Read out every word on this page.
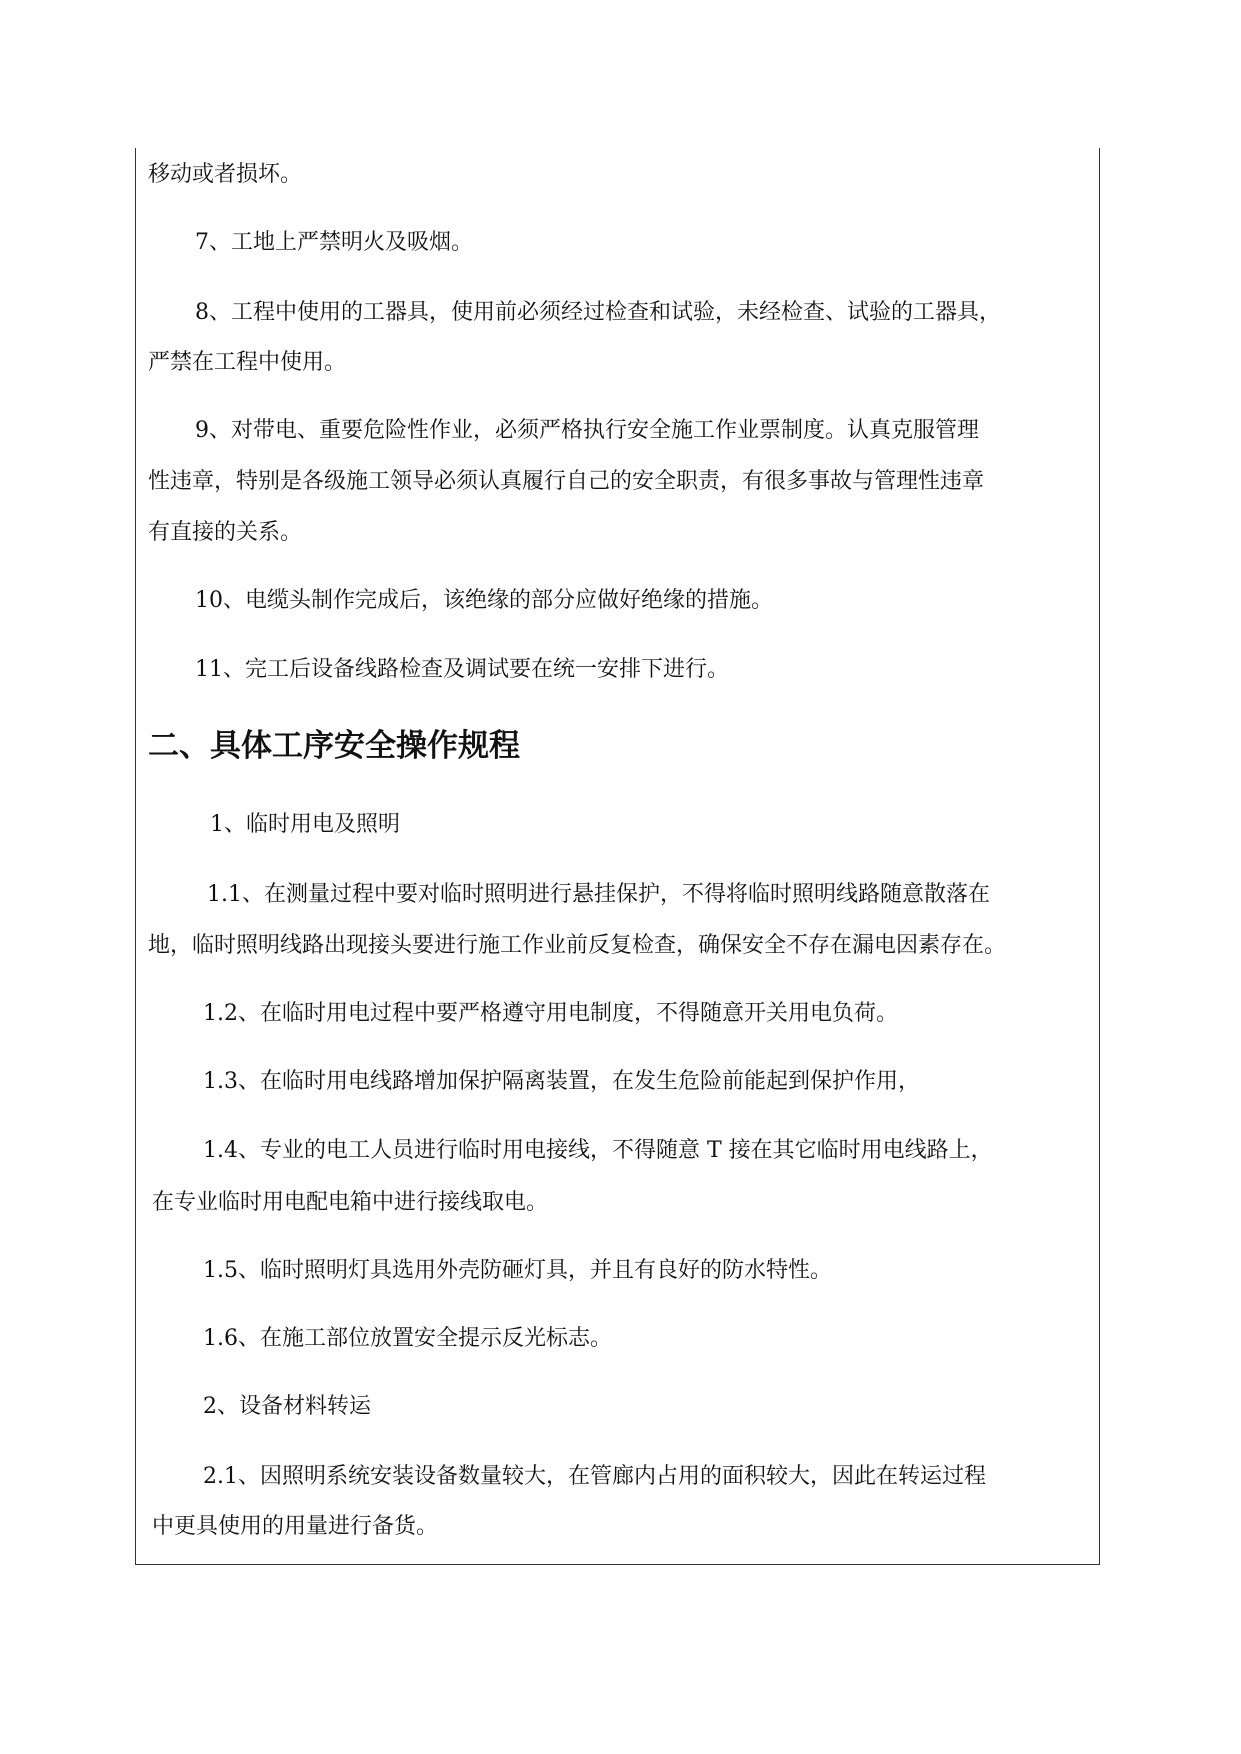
移动或者损坏。
7、工地上严禁明火及吸烟。
8、工程中使用的工器具，使用前必须经过检查和试验，未经检查、试验的工器具，
严禁在工程中使用。
9、对带电、重要危险性作业，必须严格执行安全施工作业票制度。认真克服管理
性违章，特别是各级施工领导必须认真履行自己的安全职责，有很多事故与管理性违章
有直接的关系。
10、电缆头制作完成后，该绝缘的部分应做好绝缘的措施。
11、完工后设备线路检查及调试要在统一安排下进行。
二、具体工序安全操作规程
1、临时用电及照明
1.1、在测量过程中要对临时照明进行悬挂保护，不得将临时照明线路随意散落在
地，临时照明线路出现接头要进行施工作业前反复检查，确保安全不存在漏电因素存在。
1.2、在临时用电过程中要严格遵守用电制度，不得随意开关用电负荷。
1.3、在临时用电线路增加保护隔离装置，在发生危险前能起到保护作用，
1.4、专业的电工人员进行临时用电接线，不得随意 T 接在其它临时用电线路上，
在专业临时用电配电箱中进行接线取电。
1.5、临时照明灯具选用外壳防砸灯具，并且有良好的防水特性。
1.6、在施工部位放置安全提示反光标志。
2、设备材料转运
2.1、因照明系统安装设备数量较大，在管廊内占用的面积较大，因此在转运过程
中更具使用的用量进行备货。
